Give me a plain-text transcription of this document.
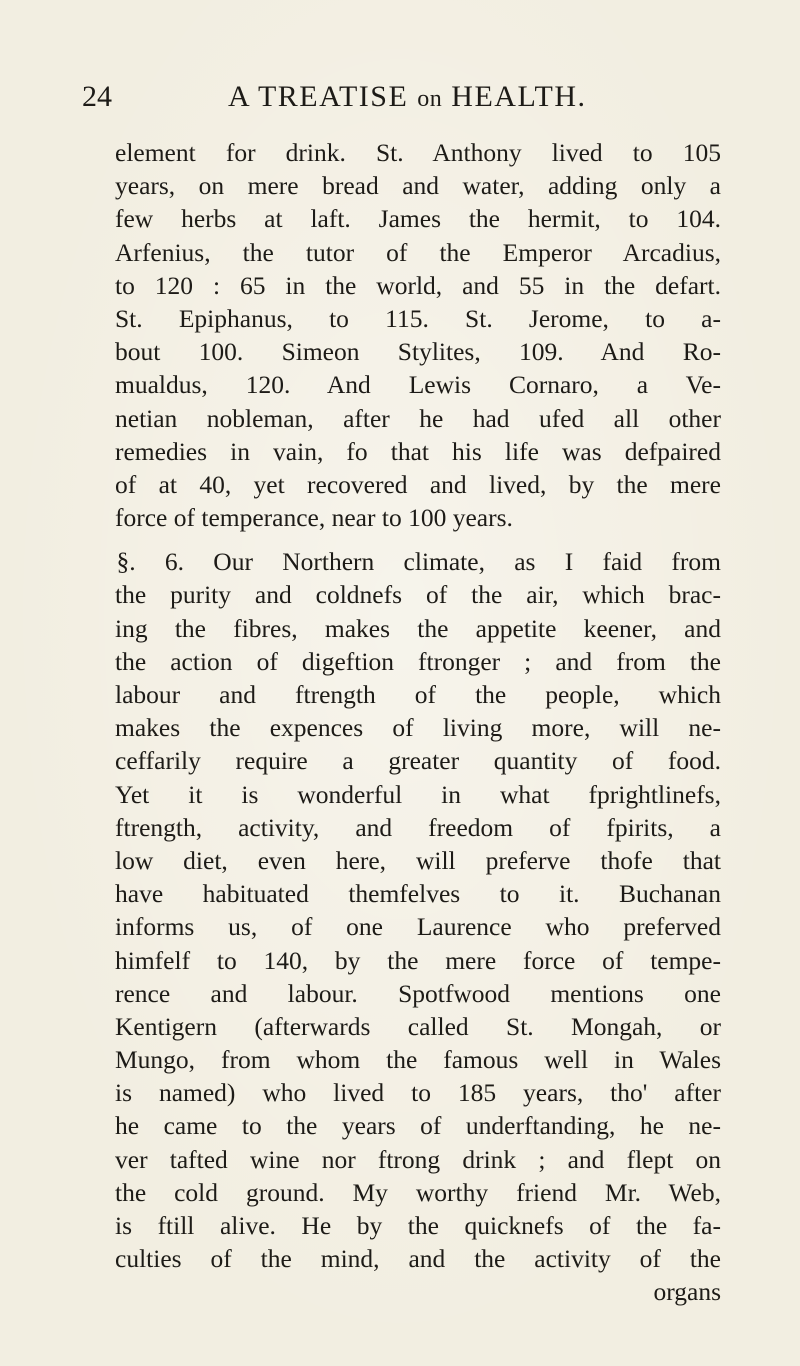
24	A TREATISE on HEALTH.
element for drink. St. Anthony lived to 105
years, on mere bread and water, adding only a
few herbs at laft. James the hermit, to 104.
Arfenius, the tutor of the Emperor Arcadius,
to 120 : 65 in the world, and 55 in the defart.
St. Epiphanus, to 115. St. Jerome, to a-
bout 100. Simeon Stylites, 109. And Ro-
mualdus, 120. And Lewis Cornaro, a Ve-
netian nobleman, after he had ufed all other
remedies in vain, fo that his life was defpaired
of at 40, yet recovered and lived, by the mere
force of temperance, near to 100 years.
§. 6. Our Northern climate, as I faid from
the purity and coldnefs of the air, which brac-
ing the fibres, makes the appetite keener, and
the action of digeftion ftronger ; and from the
labour and ftrength of the people, which
makes the expences of living more, will ne-
ceffarily require a greater quantity of food.
Yet it is wonderful in what fprightlinefs,
ftrength, activity, and freedom of fpirits, a
low diet, even here, will preferve thofe that
have habituated themfelves to it. Buchanan
informs us, of one Laurence who preferved
himfelf to 140, by the mere force of tempe-
rence and labour. Spotfwood mentions one
Kentigern (afterwards called St. Mongah, or
Mungo, from whom the famous well in Wales
is named) who lived to 185 years, tho' after
he came to the years of underftanding, he ne-
ver tafted wine nor ftrong drink ; and flept on
the cold ground. My worthy friend Mr. Web,
is ftill alive. He by the quicknefs of the fa-
culties of the mind, and the activity of the
organs
